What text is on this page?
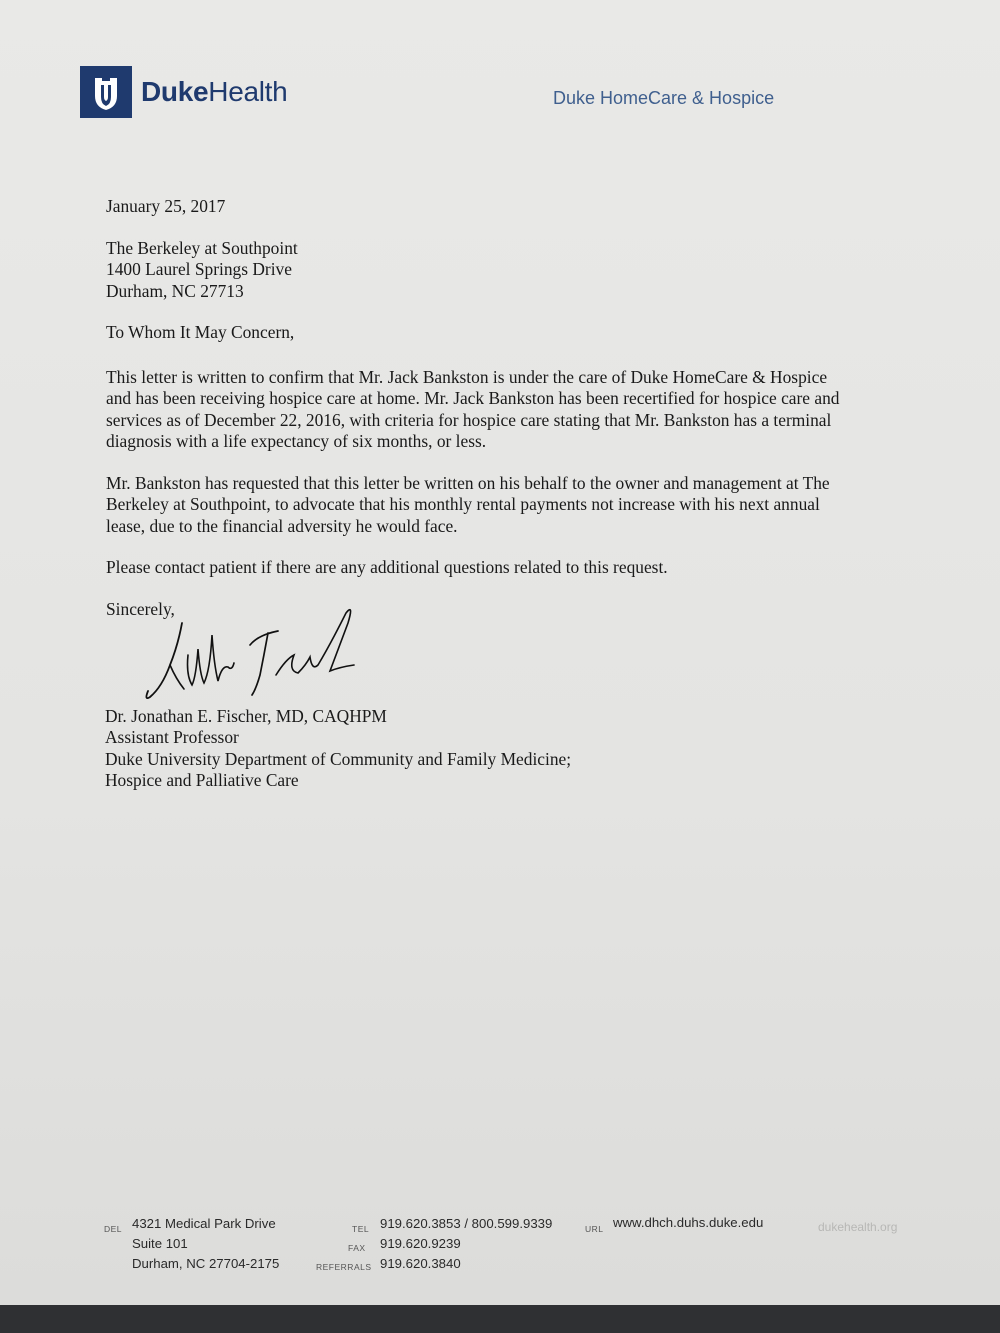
DukeHealth	Duke HomeCare & Hospice
January 25, 2017
The Berkeley at Southpoint
1400 Laurel Springs Drive
Durham, NC 27713
To Whom It May Concern,
This letter is written to confirm that Mr. Jack Bankston is under the care of Duke HomeCare & Hospice
and has been receiving hospice care at home. Mr. Jack Bankston has been recertified for hospice care and
services as of December 22, 2016, with criteria for hospice care stating that Mr. Bankston has a terminal
diagnosis with a life expectancy of six months, or less.
Mr. Bankston has requested that this letter be written on his behalf to the owner and management at The
Berkeley at Southpoint, to advocate that his monthly rental payments not increase with his next annual
lease, due to the financial adversity he would face.
Please contact patient if there are any additional questions related to this request.
Sincerely,
Dr. Jonathan E. Fischer, MD, CAQHPM
Assistant Professor
Duke University Department of Community and Family Medicine;
Hospice and Palliative Care
DEL 4321 Medical Park Drive
Suite 101
Durham, NC 27704-2175
TEL
FAX
REFERRALS
919.620.3853 / 800.599.9339
919.620.9239
919.620.3840
URL www.dhch.duhs.duke.edu	dukehealth.org
